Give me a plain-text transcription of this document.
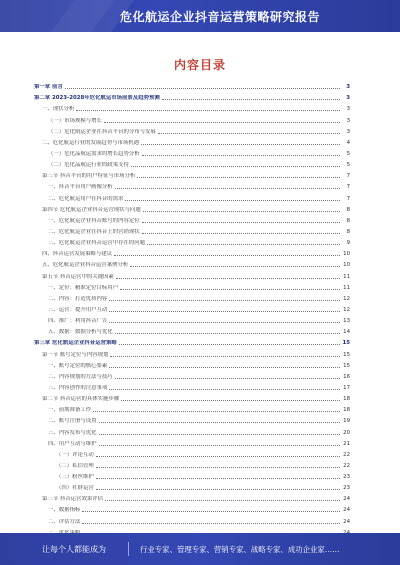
危化航运企业抖音运营策略研究报告
内容目录
第一章 前言	3
第二章 2023-2028年危化航运市场前景及趋势预测	3
一、现状分析	3
（一）市场规模与增长	3
（二）危化航运企业在抖音平台的分布与发展	3
二、危化航运行业的发展趋势与市场机遇	4
（一）危化品航运需求的增长趋势分析	5
（二）危化品航运行业的政策支持	5
第三节 抖音平台的用户特征与市场分析	7
一、抖音平台用户画像分析	7
二、危化航运用户在抖音的需求	7
第四节 危化航运企业抖音运营现状与问题	8
一、危化航运企业抖音账号的内容定位	8
二、危化航运企业在抖音上的营销现状	8
三、危化航运企业抖音运营中存在的问题	9
四、抖音运营发展策略与建议	10
五、危化航运企业抖音运营案例分析	10
第五节 抖音运营中的关键因素	11
一、定位：精准定位目标用户	11
二、内容：打造优质内容	12
三、运营：提升用户互动	12
四、推广：利用抖音广告	13
五、数据：数据分析与优化	14
第三章 危化航运企业抖音运营策略	15
第一节 账号定位与内容规划	15
一、账号定位的核心要素	15
二、内容规划的方法与技巧	16
三、内容创作的注意事项	17
第二节 抖音运营的具体实施步骤	18
一、前期准备工作	18
二、账号注册与设置	19
三、内容发布与优化	20
四、用户互动与维护	21
（一）评论互动	22
（二）私信管理	22
（三）粉丝维护	23
（四）社群运营	23
第三节 抖音运营效果评估	24
一、数据指标	24
二、评估方法	24
让每个人都能成为	行业专家、管理专家、营销专家、战略专家、成功企业家……
